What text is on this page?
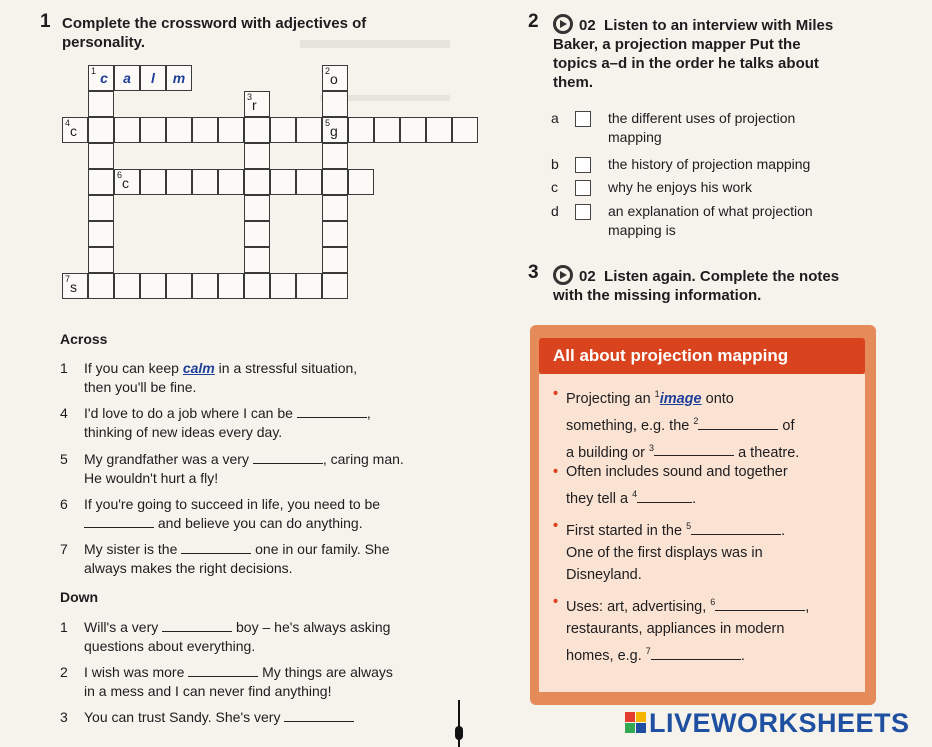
1 Complete the crossword with adjectives of
personality.
1 c	a	l	m	2 o
3 r
4 c	5 g
6 c
7 s
Across
1 If you can keep calm in a stressful situation,
then you'll be fine.
4 I'd love to do a job where I can be	,
thinking of new ideas every day.
5 My grandfather was a very	, caring man.
He wouldn't hurt a fly!
6 If you're going to succeed in life, you need to be
and believe you can do anything.
7 My sister is the	one in our family. She
always makes the right decisions.
Down
1 Will's a very	boy – he's always asking
questions about everything.
2 I wish was more	My things are always
in a mess and I can never find anything!
3 You can trust Sandy. She's very
2	02 Listen to an interview with Miles
Baker, a projection mapper Put the
topics a–d in the order he talks about
them.
a	the different uses of projection
mapping
b	the history of projection mapping
c	why he enjoys his work
d	an explanation of what projection
mapping is
3	02 Listen again. Complete the notes
with the missing information.
All about projection mapping
• Projecting an $^1$image onto
something, e.g. the $^2$	of
a building or $^3$	a theatre.
• Often includes sound and together
they tell a $^4$	.
• First started in the $^5$	.
One of the first displays was in
Disneyland.
• Uses: art, advertising, $^6$	,
restaurants, appliances in modern
homes, e.g. $^7$	.
LIVEWORKSHEETS
